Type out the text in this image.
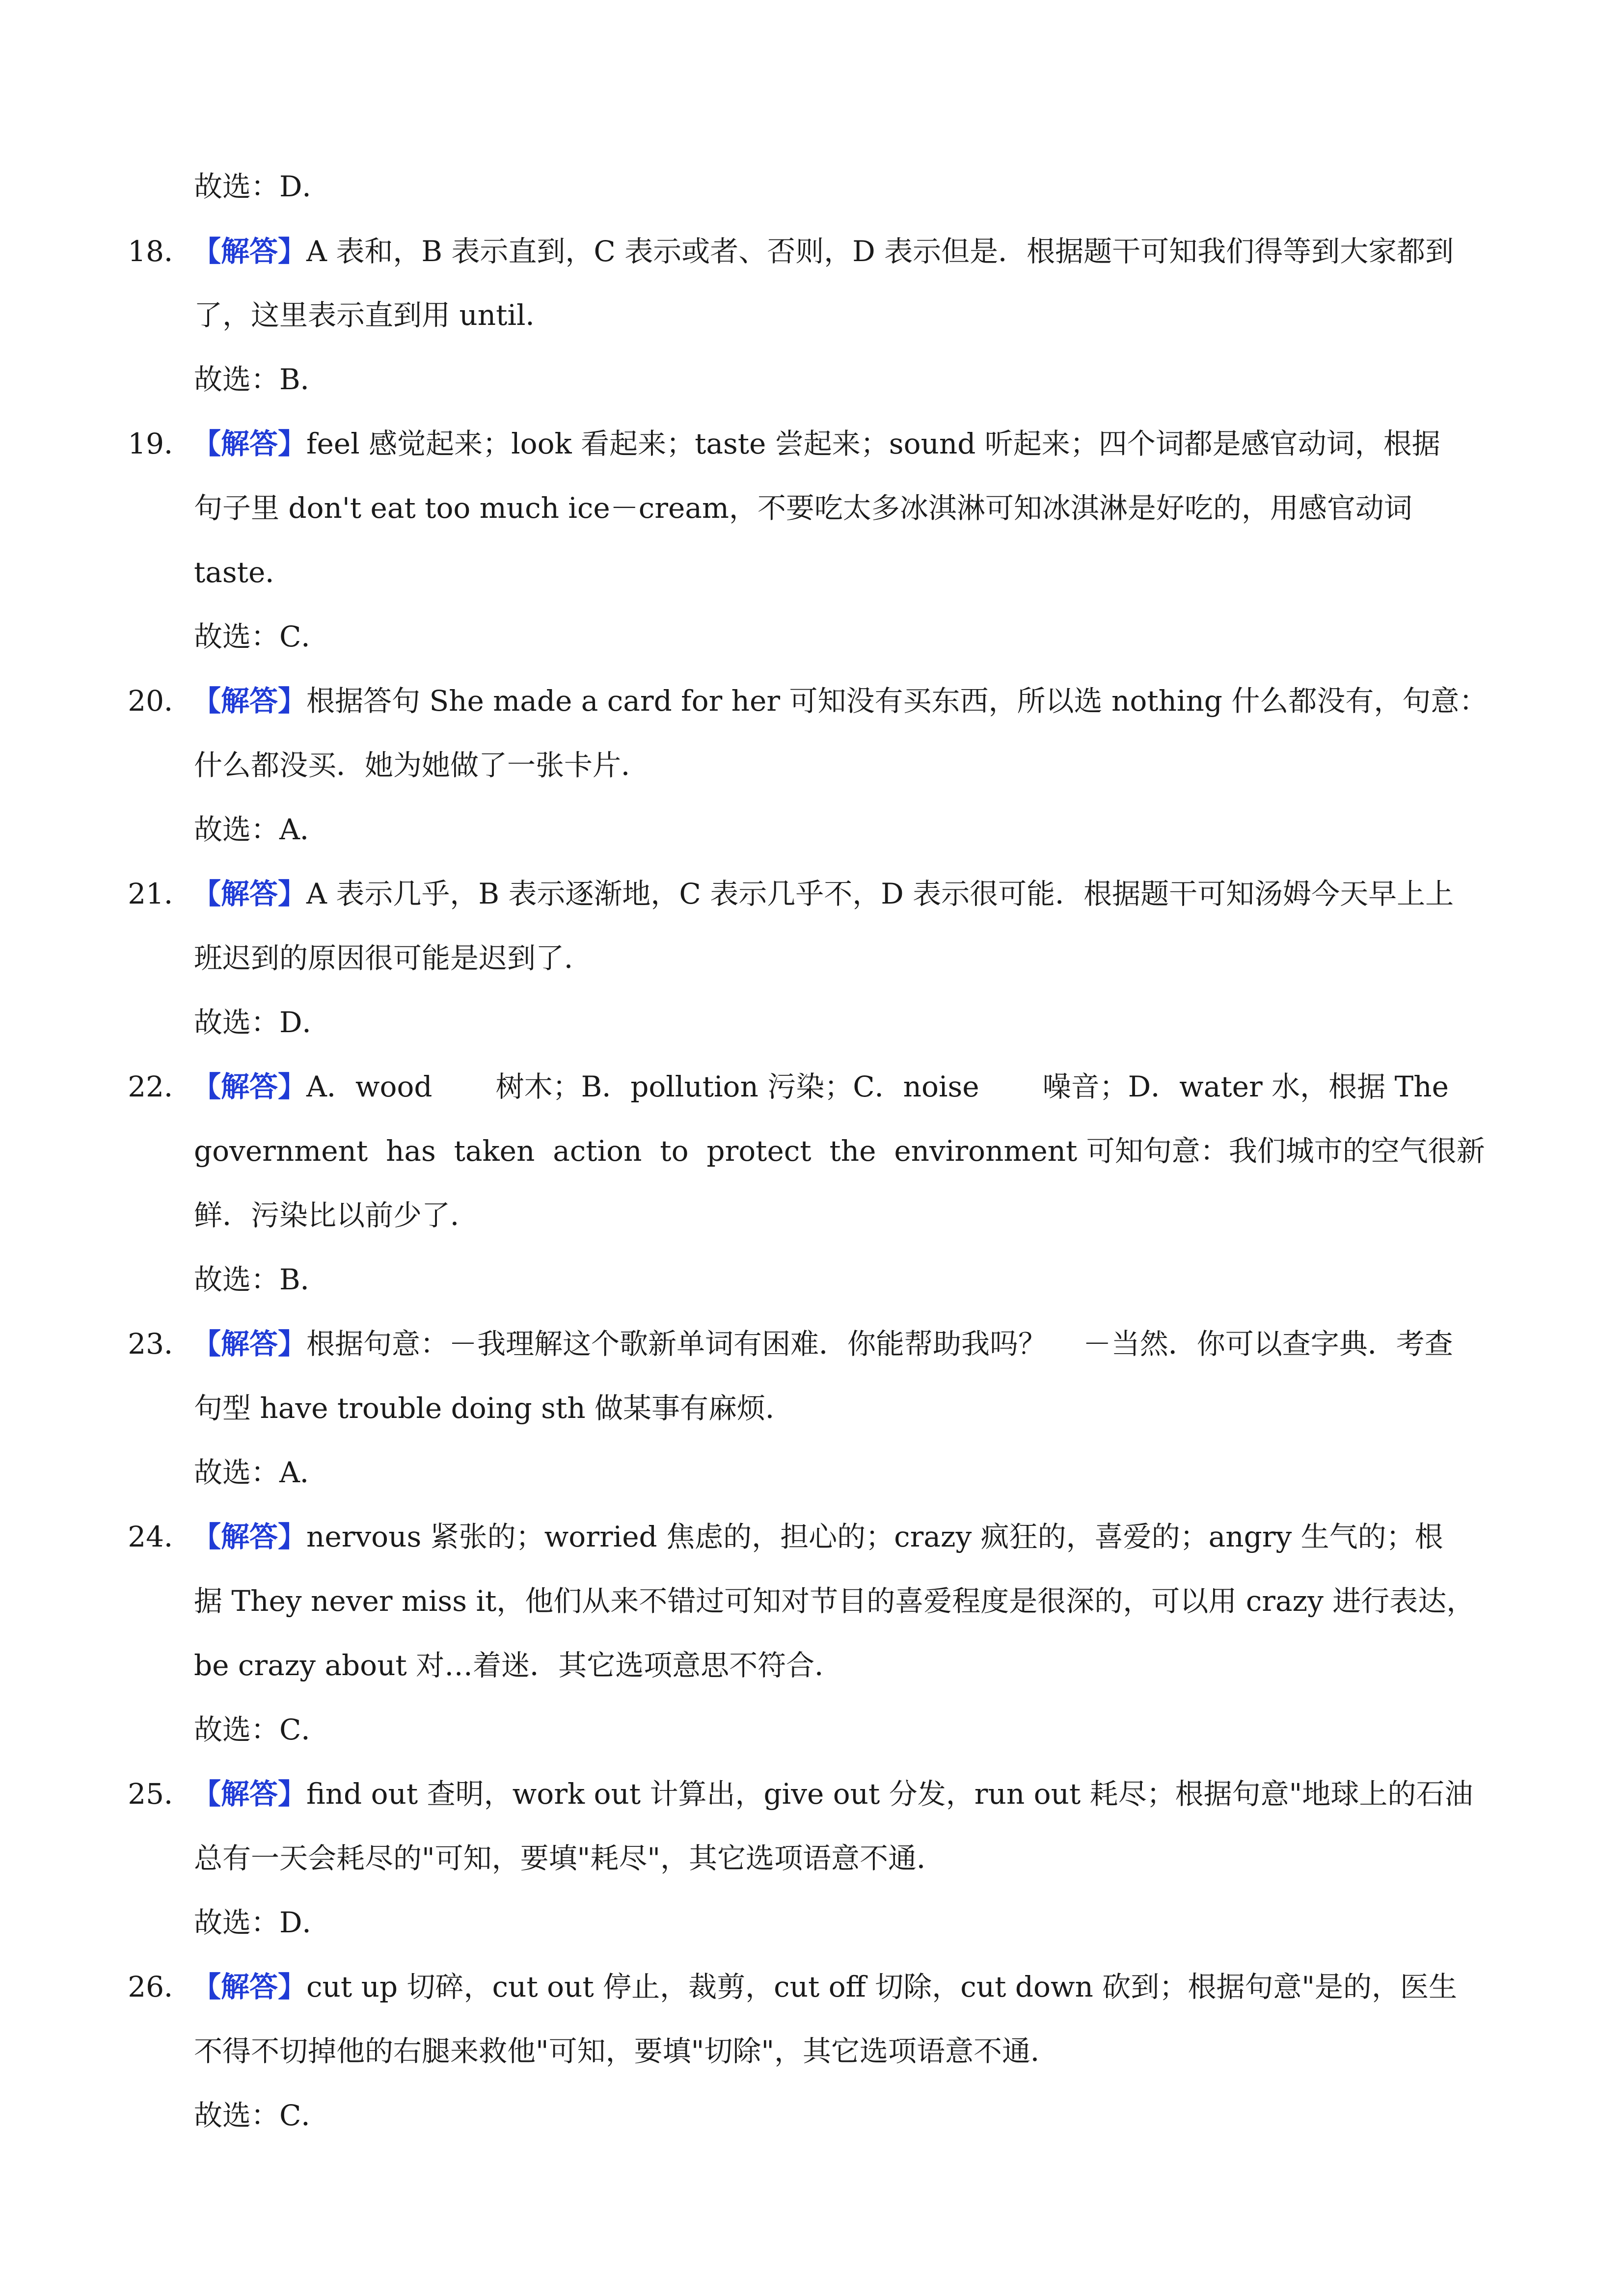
故选：D．
18．【解答】A 表和，B 表示直到，C 表示或者、否则，D 表示但是．根据题干可知我们得等到大家都到
了，这里表示直到用 until．
故选：B．
19．【解答】feel 感觉起来；look 看起来；taste 尝起来；sound 听起来；四个词都是感官动词，根据
句子里 don't eat too much ice－cream，不要吃太多冰淇淋可知冰淇淋是好吃的，用感官动词
taste．
故选：C．
20．【解答】根据答句 She made a card for her 可知没有买东西，所以选 nothing 什么都没有，句意：
什么都没买．她为她做了一张卡片．
故选：A．
21．【解答】A 表示几乎，B 表示逐渐地，C 表示几乎不，D 表示很可能．根据题干可知汤姆今天早上上
班迟到的原因很可能是迟到了．
故选：D．
22．【解答】A．wood       树木；B．pollution 污染；C．noise       噪音；D．water 水，根据 The
government  has  taken  action  to  protect  the  environment 可知句意：我们城市的空气很新
鲜．污染比以前少了．
故选：B．
23．【解答】根据句意：－我理解这个歌新单词有困难．你能帮助我吗？    －当然．你可以查字典．考查
句型 have trouble doing sth 做某事有麻烦．
故选：A．
24．【解答】nervous 紧张的；worried 焦虑的，担心的；crazy 疯狂的，喜爱的；angry 生气的；根
据 They never miss it，他们从来不错过可知对节目的喜爱程度是很深的，可以用 crazy 进行表达，
be crazy about 对…着迷．其它选项意思不符合．
故选：C．
25．【解答】find out 查明，work out 计算出，give out 分发，run out 耗尽；根据句意"地球上的石油
总有一天会耗尽的"可知，要填"耗尽"，其它选项语意不通．
故选：D．
26．【解答】cut up 切碎，cut out 停止，裁剪，cut off 切除，cut down 砍到；根据句意"是的，医生
不得不切掉他的右腿来救他"可知，要填"切除"，其它选项语意不通．
故选：C．
